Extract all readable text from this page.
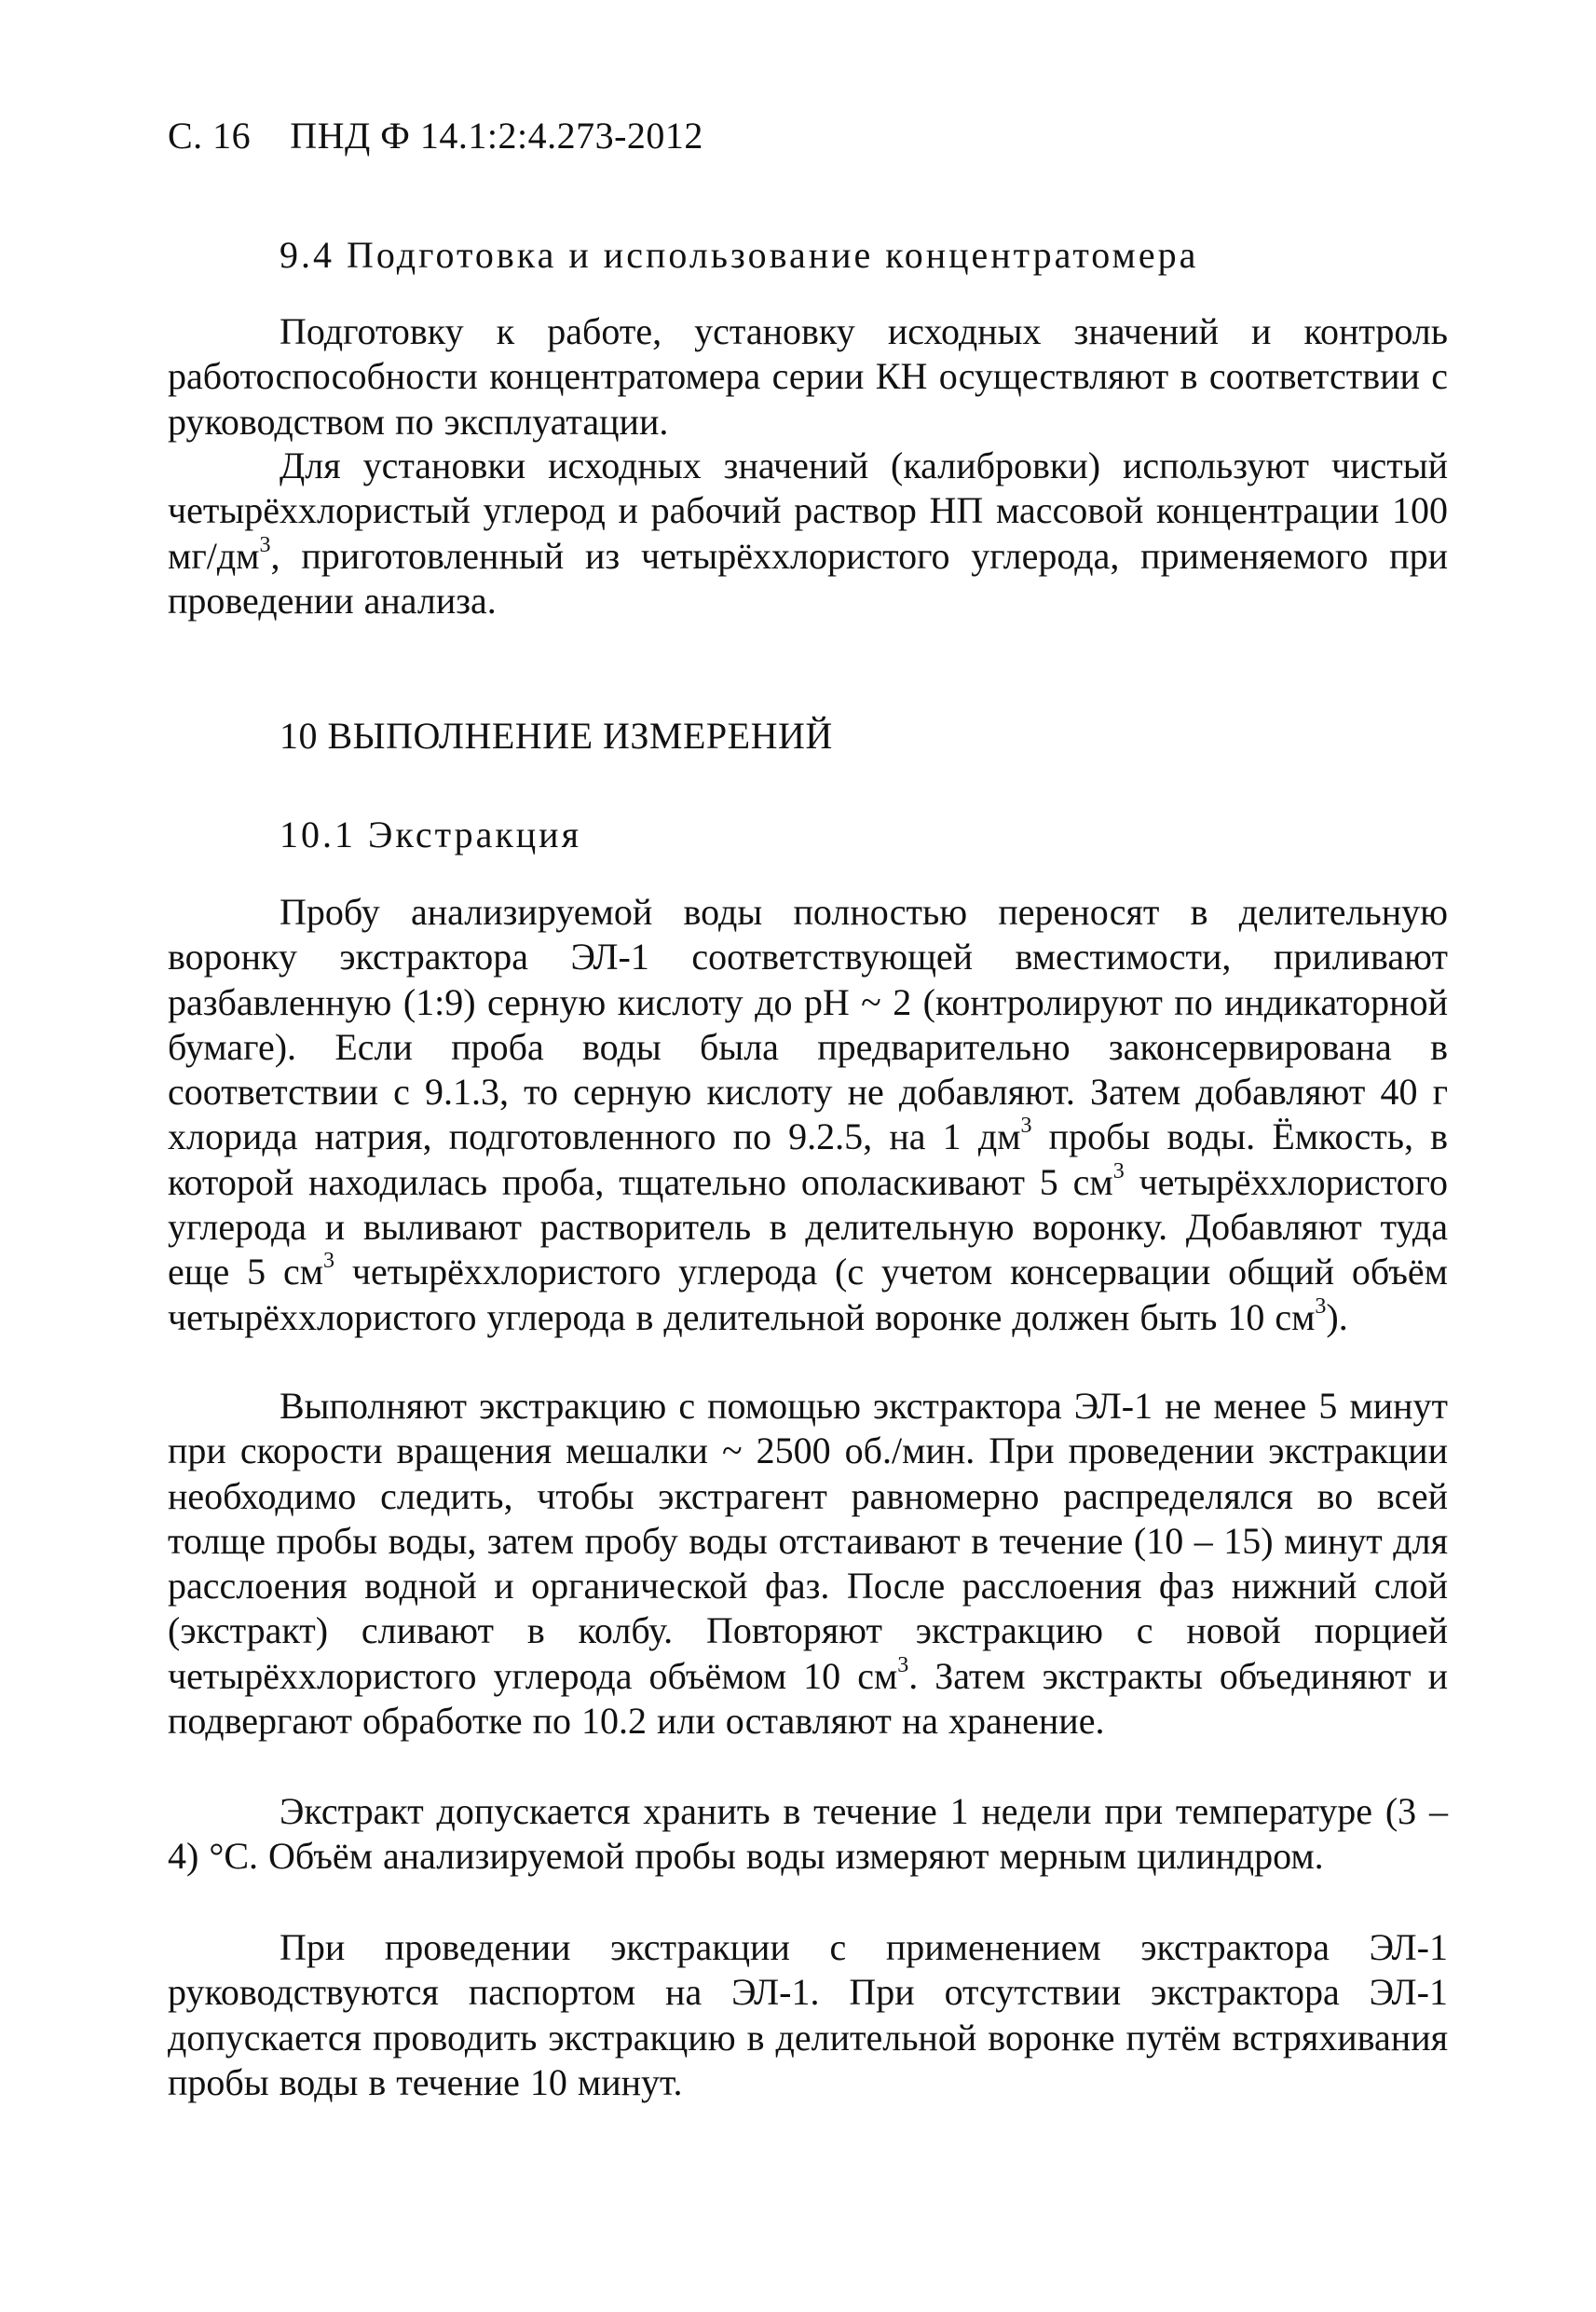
С. 16 ПНД Ф 14.1:2:4.273-2012
9.4 Подготовка и использование концентратомера
Подготовку к работе, установку исходных значений и контроль работоспособности концентратомера серии КН осуществляют в соответствии с руководством по эксплуатации.
Для установки исходных значений (калибровки) используют чистый четырёххлористый углерод и рабочий раствор НП массовой концентрации 100 $мг/дм^3$, приготовленный из четырёххлористого углерода, применяемого при проведении анализа.
10 ВЫПОЛНЕНИЕ ИЗМЕРЕНИЙ
10.1 Экстракция
Пробу анализируемой воды полностью переносят в делительную воронку экстрактора ЭЛ-1 соответствующей вместимости, приливают разбавленную (1:9) серную кислоту до pH ~ 2 (контролируют по индикаторной бумаге). Если проба воды была предварительно законсервирована в соответствии с 9.1.3, то серную кислоту не добавляют. Затем добавляют 40 г хлорида натрия, подготовленного по 9.2.5, на 1 $дм^3$ пробы воды. Ёмкость, в которой находилась проба, тщательно ополаскивают 5 $см^3$ четырёххлористого углерода и выливают растворитель в делительную воронку. Добавляют туда еще 5 $см^3$ четырёххлористого углерода (с учетом консервации общий объём четырёххлористого углерода в делительной воронке должен быть 10 $см^3$).
Выполняют экстракцию с помощью экстрактора ЭЛ-1 не менее 5 минут при скорости вращения мешалки ~ 2500 об./мин. При проведении экстракции необходимо следить, чтобы экстрагент равномерно распределялся во всей толще пробы воды, затем пробу воды отстаивают в течение (10 – 15) минут для расслоения водной и органической фаз. После расслоения фаз нижний слой (экстракт) сливают в колбу. Повторяют экстракцию с новой порцией четырёххлористого углерода объёмом 10 $см^3$. Затем экстракты объединяют и подвергают обработке по 10.2 или оставляют на хранение.
Экстракт допускается хранить в течение 1 недели при температуре (3 – 4) °С. Объём анализируемой пробы воды измеряют мерным цилиндром.
При проведении экстракции с применением экстрактора ЭЛ-1 руководствуются паспортом на ЭЛ-1. При отсутствии экстрактора ЭЛ-1 допускается проводить экстракцию в делительной воронке путём встряхивания пробы воды в течение 10 минут.
